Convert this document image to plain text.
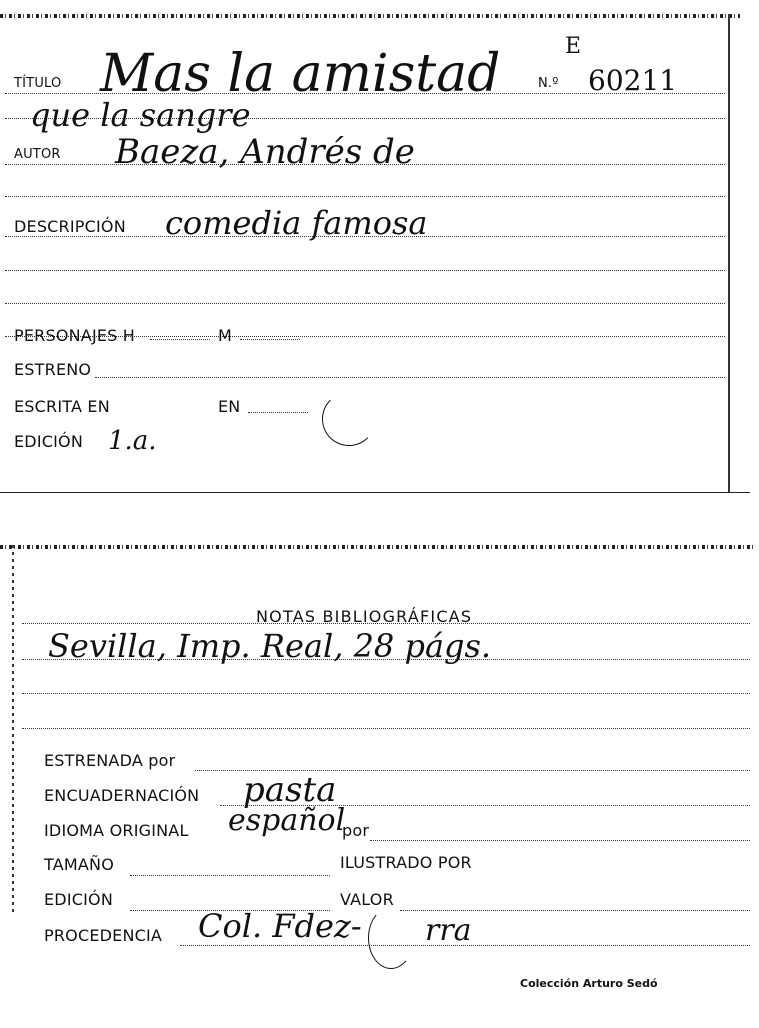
TÍTULO Mas la amistad
que la sangre
E
N.º 60211
AUTOR Baeza, Andrés de
DESCRIPCIÓN comedia famosa
PERSONAJES H	M
ESTRENO
ESCRITA EN	EN
EDICIÓN 1.a.
NOTAS BIBLIOGRÁFICAS
Sevilla, Imp. Real, 28 págs.
ESTRENADA por
ENCUADERNACIÓN pasta
IDIOMA ORIGINAL español
por
TAMAÑO	ILUSTRADO POR
EDICIÓN	VALOR
PROCEDENCIA Col. Fdez- rra
Colección Arturo Sedó
